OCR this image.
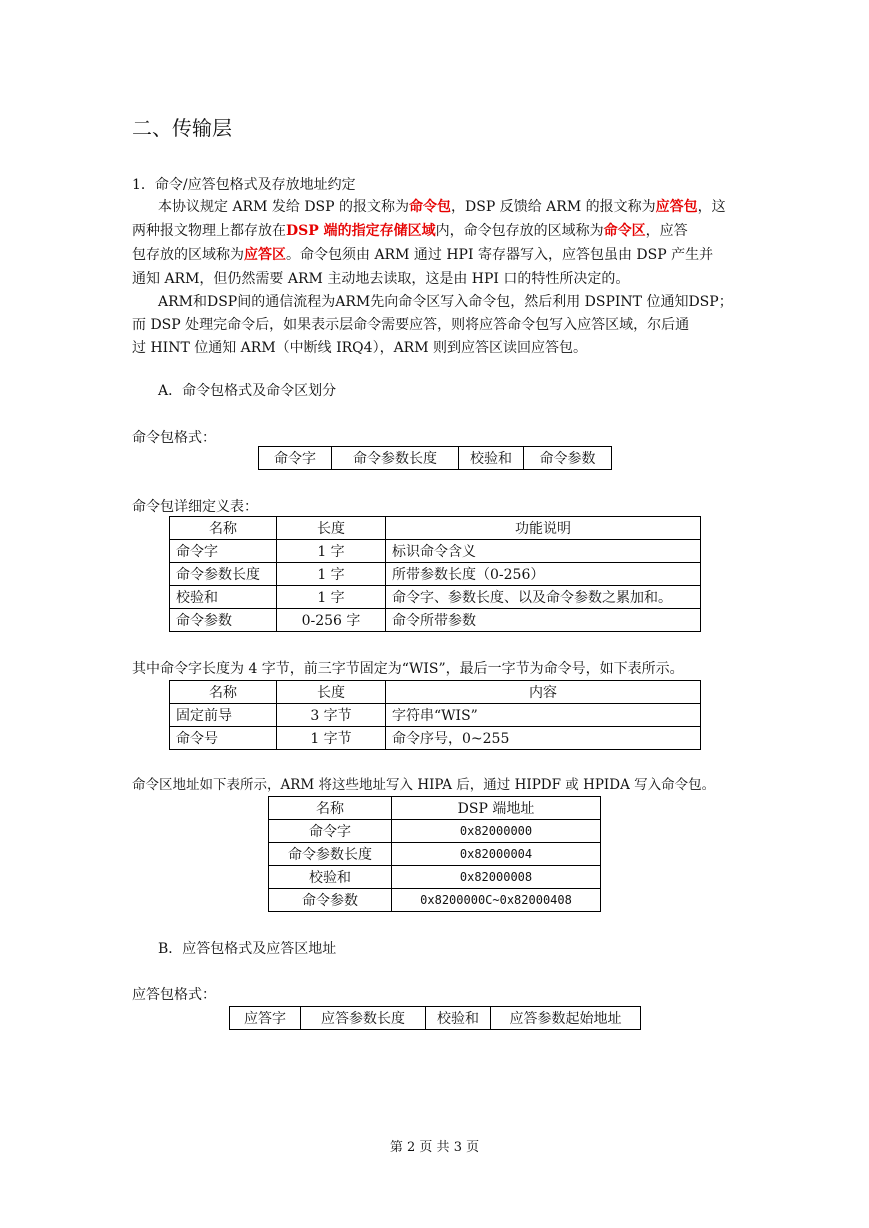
二、传输层
1．命令/应答包格式及存放地址约定
本协议规定 ARM 发给 DSP 的报文称为命令包，DSP 反馈给 ARM 的报文称为应答包，这
两种报文物理上都存放在DSP 端的指定存储区域内，命令包存放的区域称为命令区，应答
包存放的区域称为应答区。命令包须由 ARM 通过 HPI 寄存器写入，应答包虽由 DSP 产生并
通知 ARM，但仍然需要 ARM 主动地去读取，这是由 HPI 口的特性所决定的。
ARM和DSP间的通信流程为ARM先向命令区写入命令包，然后利用 DSPINT 位通知DSP；
而 DSP 处理完命令后，如果表示层命令需要应答，则将应答命令包写入应答区域，尔后通
过 HINT 位通知 ARM（中断线 IRQ4），ARM 则到应答区读回应答包。
A．命令包格式及命令区划分
命令包格式：
命令字	命令参数长度	校验和	命令参数
命令包详细定义表：
名称	长度	功能说明
命令字	1 字	标识命令含义
命令参数长度	1 字	所带参数长度（0-256）
校验和	1 字	命令字、参数长度、以及命令参数之累加和。
命令参数	0-256 字	命令所带参数
其中命令字长度为 4 字节，前三字节固定为“WIS”，最后一字节为命令号，如下表所示。
名称	长度	内容
固定前导	3 字节	字符串“WIS”
命令号	1 字节	命令序号，0~255
命令区地址如下表所示，ARM 将这些地址写入 HIPA 后，通过 HIPDF 或 HPIDA 写入命令包。
名称	DSP 端地址
命令字	0x82000000
命令参数长度	0x82000004
校验和	0x82000008
命令参数	0x8200000C~0x82000408
B．应答包格式及应答区地址
应答包格式：
应答字	应答参数长度	校验和	应答参数起始地址
第 2 页 共 3 页
